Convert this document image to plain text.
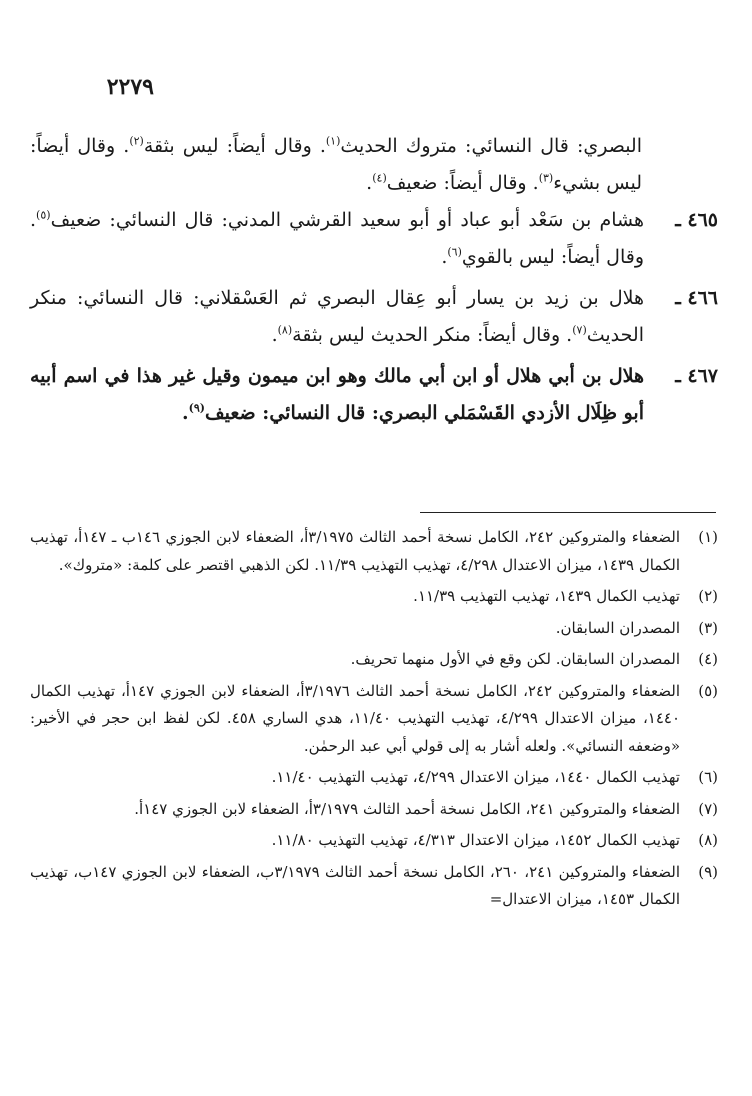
٢٢٧٩
البصري: قال النسائي: متروك الحديث$^{(١)}$. وقال أيضاً: ليس بثقة$^{(٢)}$. وقال أيضاً: ليس بشيء$^{(٣)}$. وقال أيضاً: ضعيف$^{(٤)}$.
٤٦٥ ـ
هشام بن سَعْد أبو عباد أو أبو سعيد القرشي المدني: قال النسائي: ضعيف$^{(٥)}$. وقال أيضاً: ليس بالقوي$^{(٦)}$.
٤٦٦ ـ
هلال بن زيد بن يسار أبو عِقال البصري ثم العَسْقلاني: قال النسائي: منكر الحديث$^{(٧)}$. وقال أيضاً: منكر الحديث ليس بثقة$^{(٨)}$.
٤٦٧ ـ
هلال بن أبي هلال أو ابن أبي مالك وهو ابن ميمون وقيل غير هذا في اسم أبيه أبو ظِلَال الأزدي القَسْمَلي البصري: قال النسائي: ضعيف$^{(٩)}$.
(١)
الضعفاء والمتروكين ٢٤٢، الكامل نسخة أحمد الثالث ٣/١٩٧٥أ، الضعفاء لابن الجوزي ١٤٦ب ـ ١٤٧أ، تهذيب الكمال ١٤٣٩، ميزان الاعتدال ٤/٢٩٨، تهذيب التهذيب ١١/٣٩. لكن الذهبي اقتصر على كلمة: «متروك».
(٢)
تهذيب الكمال ١٤٣٩، تهذيب التهذيب ١١/٣٩.
(٣)
المصدران السابقان.
(٤)
المصدران السابقان. لكن وقع في الأول منهما تحريف.
(٥)
الضعفاء والمتروكين ٢٤٢، الكامل نسخة أحمد الثالث ٣/١٩٧٦أ، الضعفاء لابن الجوزي ١٤٧أ، تهذيب الكمال ١٤٤٠، ميزان الاعتدال ٤/٢٩٩، تهذيب التهذيب ١١/٤٠، هدي الساري ٤٥٨. لكن لفظ ابن حجر في الأخير: «وضعفه النسائي». ولعله أشار به إلى قولي أبي عبد الرحمٰن.
(٦)
تهذيب الكمال ١٤٤٠، ميزان الاعتدال ٤/٢٩٩، تهذيب التهذيب ١١/٤٠.
(٧)
الضعفاء والمتروكين ٢٤١، الكامل نسخة أحمد الثالث ٣/١٩٧٩أ، الضعفاء لابن الجوزي ١٤٧أ.
(٨)
تهذيب الكمال ١٤٥٢، ميزان الاعتدال ٤/٣١٣، تهذيب التهذيب ١١/٨٠.
(٩)
الضعفاء والمتروكين ٢٤١، ٢٦٠، الكامل نسخة أحمد الثالث ٣/١٩٧٩ب، الضعفاء لابن الجوزي ١٤٧ب، تهذيب الكمال ١٤٥٣، ميزان الاعتدال=
